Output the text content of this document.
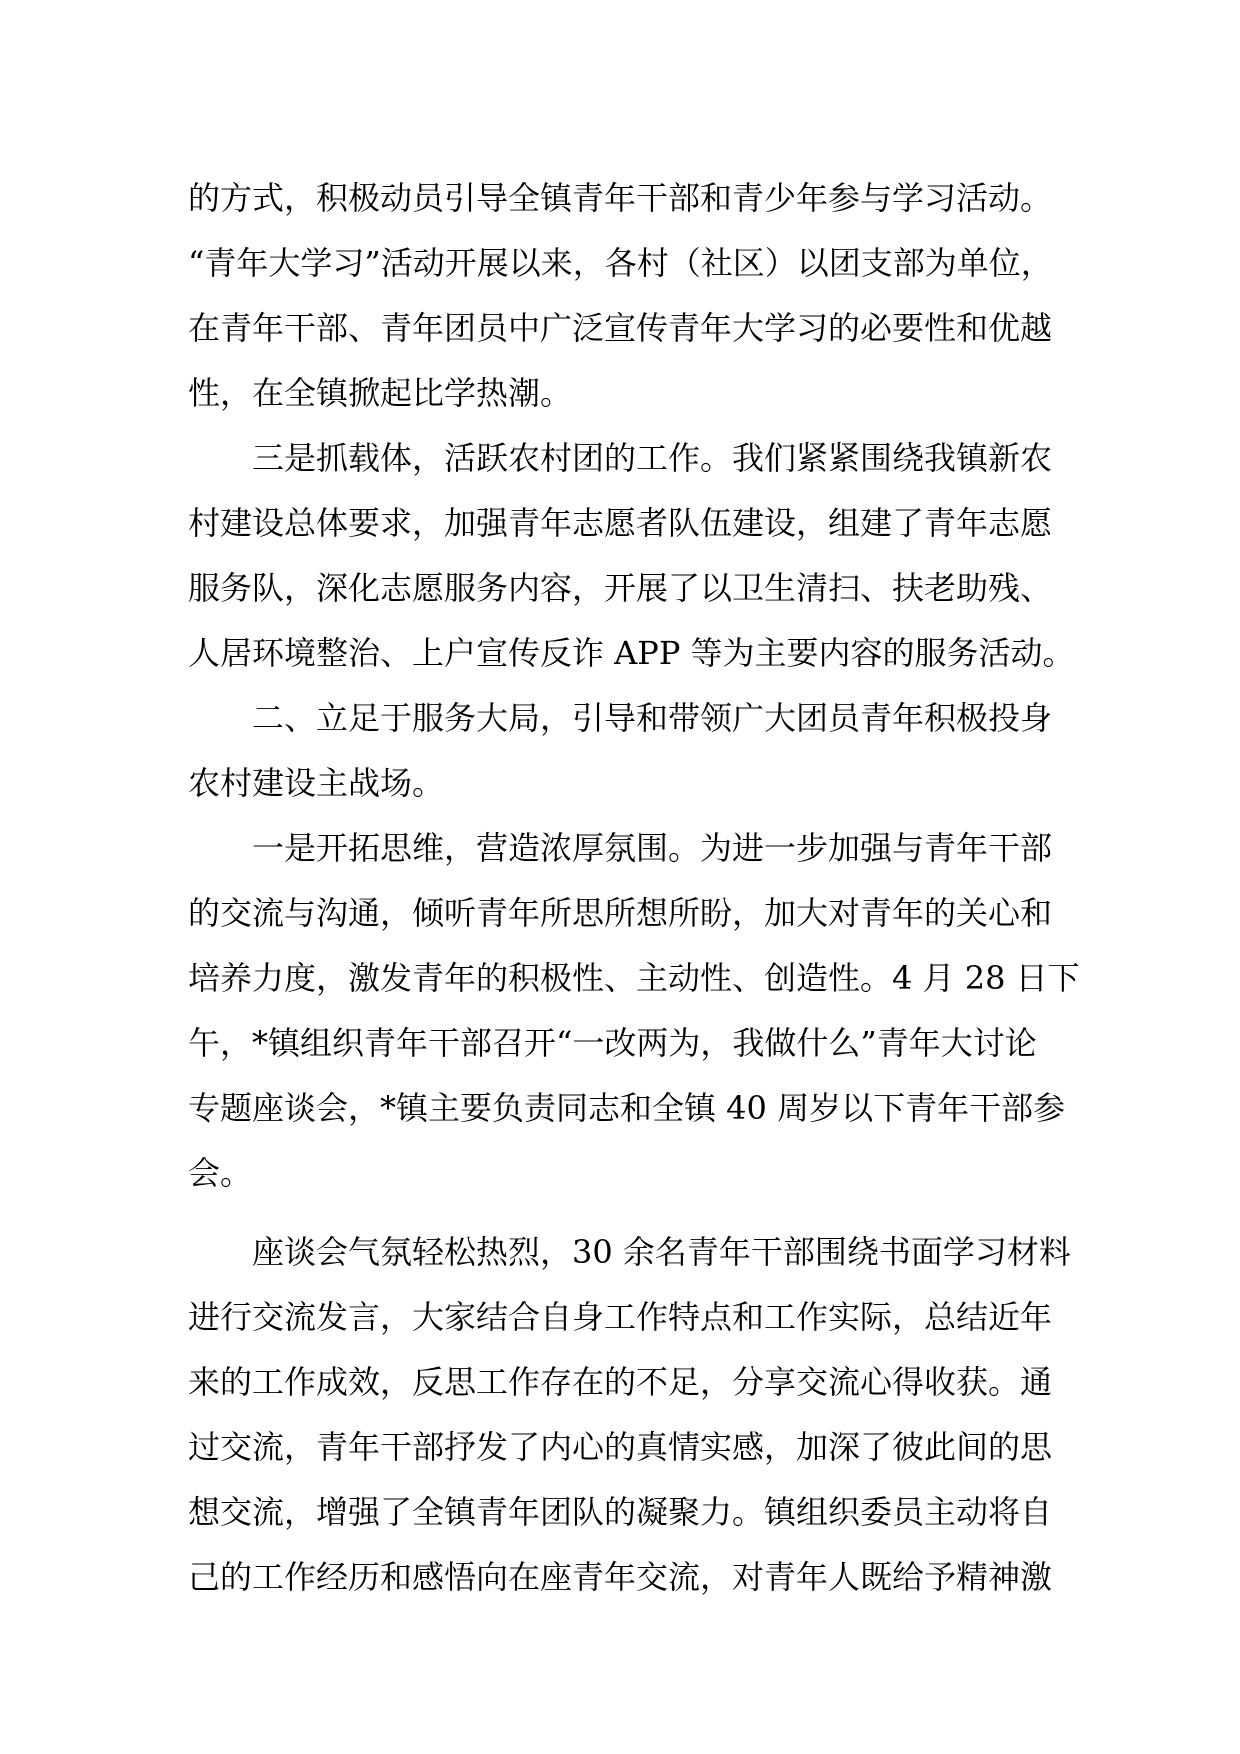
的方式，积极动员引导全镇青年干部和青少年参与学习活动。
“青年大学习”活动开展以来，各村（社区）以团支部为单位，
在青年干部、青年团员中广泛宣传青年大学习的必要性和优越
性，在全镇掀起比学热潮。
三是抓载体，活跃农村团的工作。我们紧紧围绕我镇新农
村建设总体要求，加强青年志愿者队伍建设，组建了青年志愿
服务队，深化志愿服务内容，开展了以卫生清扫、扶老助残、
人居环境整治、上户宣传反诈 APP 等为主要内容的服务活动。
二、立足于服务大局，引导和带领广大团员青年积极投身
农村建设主战场。
一是开拓思维，营造浓厚氛围。为进一步加强与青年干部
的交流与沟通，倾听青年所思所想所盼，加大对青年的关心和
培养力度，激发青年的积极性、主动性、创造性。4 月 28 日下
午，*镇组织青年干部召开“一改两为，我做什么”青年大讨论
专题座谈会，*镇主要负责同志和全镇 40 周岁以下青年干部参
会。
座谈会气氛轻松热烈，30 余名青年干部围绕书面学习材料
进行交流发言，大家结合自身工作特点和工作实际，总结近年
来的工作成效，反思工作存在的不足，分享交流心得收获。通
过交流，青年干部抒发了内心的真情实感，加深了彼此间的思
想交流，增强了全镇青年团队的凝聚力。镇组织委员主动将自
己的工作经历和感悟向在座青年交流，对青年人既给予精神激
